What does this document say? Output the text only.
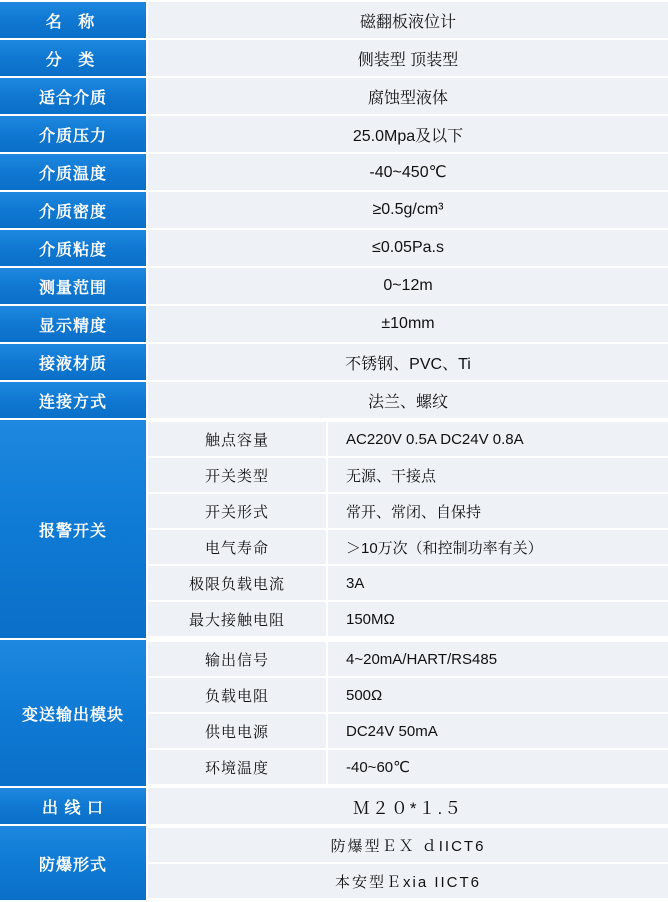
名 称	磁翻板液位计
分 类	侧装型 顶装型
适合介质	腐蚀型液体
介质压力	25.0Mpa及以下
介质温度	-40~450℃
介质密度	≥0.5g/cm³
介质粘度	≤0.05Pa.s
测量范围	0~12m
显示精度	±10mm
接液材质	不锈钢、PVC、Ti
连接方式	法兰、螺纹
报警开关	
触点容量	AC220V 0.5A DC24V 0.8A
开关类型	无源、干接点
开关形式	常开、常闭、自保持
电气寿命	＞10万次（和控制功率有关）
极限负载电流	3A
最大接触电阻	150MΩ

变送输出模块	
输出信号	4~20mA/HART/RS485
负载电阻	500Ω
供电电源	DC24V 50mA
环境温度	-40~60℃

出 线 口	Ｍ２０*１.５
防爆形式	
防爆型ＥＸ ｄIICT6
本安型Ｅxia IICT6
